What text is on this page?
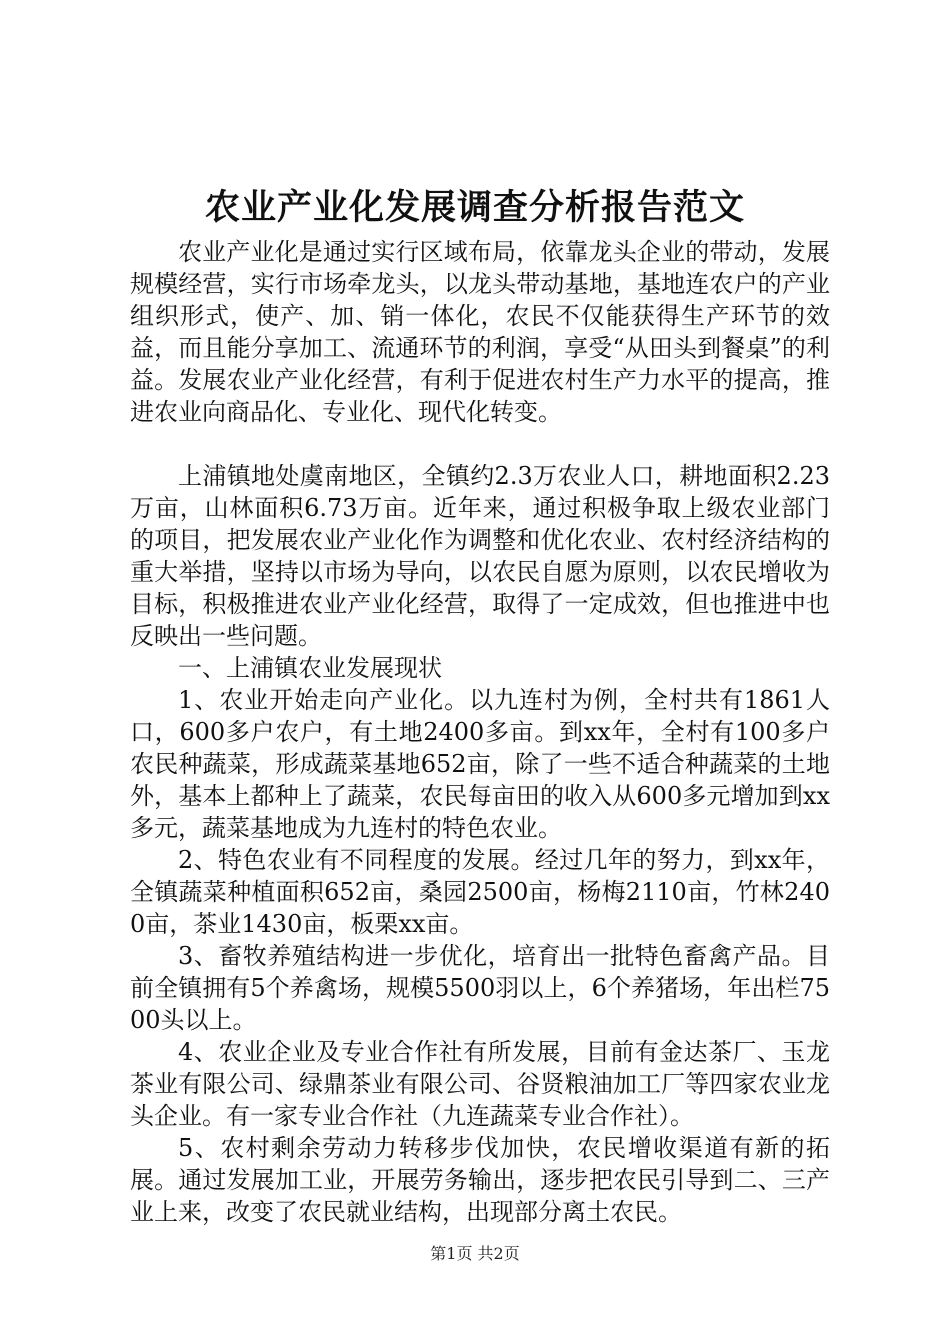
农业产业化发展调查分析报告范文

农业产业化是通过实行区域布局，依靠龙头企业的带动，发展规模经营，实行市场牵龙头，以龙头带动基地，基地连农户的产业组织形式，使产、加、销一体化，农民不仅能获得生产环节的效益，而且能分享加工、流通环节的利润，享受“从田头到餐桌”的利益。发展农业产业化经营，有利于促进农村生产力水平的提高，推进农业向商品化、专业化、现代化转变。

上浦镇地处虞南地区，全镇约2.3万农业人口，耕地面积2.23万亩，山林面积6.73万亩。近年来，通过积极争取上级农业部门的项目，把发展农业产业化作为调整和优化农业、农村经济结构的重大举措，坚持以市场为导向，以农民自愿为原则，以农民增收为目标，积极推进农业产业化经营，取得了一定成效，但也推进中也反映出一些问题。

一、上浦镇农业发展现状

1、农业开始走向产业化。以九连村为例，全村共有1861人口，600多户农户，有土地2400多亩。到xx年，全村有100多户农民种蔬菜，形成蔬菜基地652亩，除了一些不适合种蔬菜的土地外，基本上都种上了蔬菜，农民每亩田的收入从600多元增加到xx多元，蔬菜基地成为九连村的特色农业。

2、特色农业有不同程度的发展。经过几年的努力，到xx年，全镇蔬菜种植面积652亩，桑园2500亩，杨梅2110亩，竹林2400亩，茶业1430亩，板栗xx亩。

3、畜牧养殖结构进一步优化，培育出一批特色畜禽产品。目前全镇拥有5个养禽场，规模5500羽以上，6个养猪场，年出栏7500头以上。

4、农业企业及专业合作社有所发展，目前有金达茶厂、玉龙茶业有限公司、绿鼎茶业有限公司、谷贤粮油加工厂等四家农业龙头企业。有一家专业合作社（九连蔬菜专业合作社）。

5、农村剩余劳动力转移步伐加快，农民增收渠道有新的拓展。通过发展加工业，开展劳务输出，逐步把农民引导到二、三产业上来，改变了农民就业结构，出现部分离土农民。

第1页 共2页
